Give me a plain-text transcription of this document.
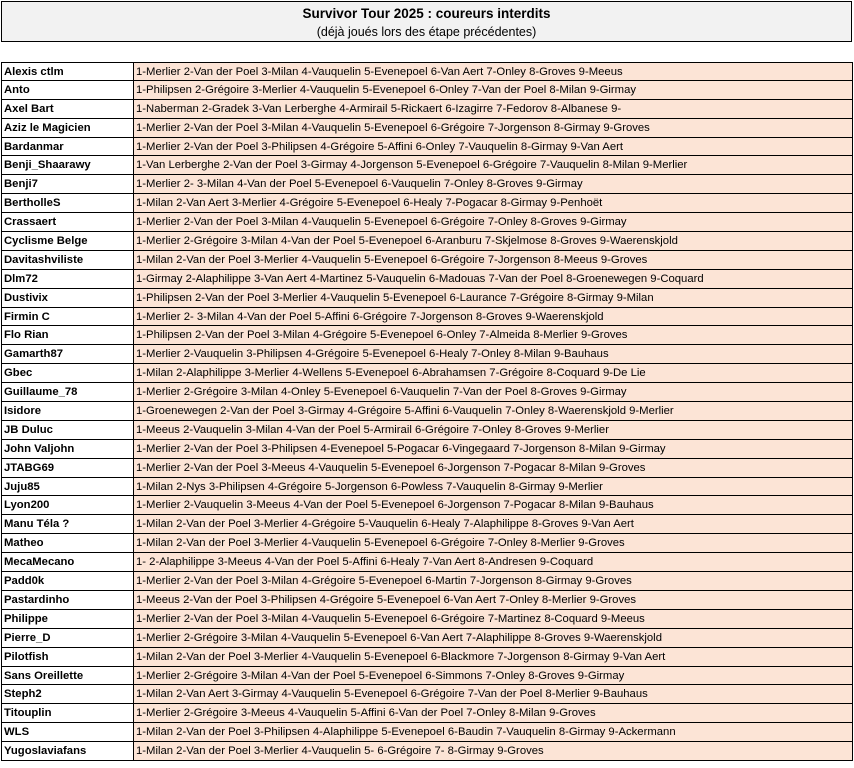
Survivor Tour 2025 : coureurs interdits
(déjà joués lors des étape précédentes)
Alexis ctlm	1-Merlier 2-Van der Poel 3-Milan 4-Vauquelin 5-Evenepoel 6-Van Aert 7-Onley 8-Groves 9-Meeus
Anto	1-Philipsen 2-Grégoire 3-Merlier 4-Vauquelin 5-Evenepoel 6-Onley 7-Van der Poel 8-Milan 9-Girmay
Axel Bart	1-Naberman 2-Gradek 3-Van Lerberghe 4-Armirail 5-Rickaert 6-Izagirre 7-Fedorov 8-Albanese 9-
Aziz le Magicien	1-Merlier 2-Van der Poel 3-Milan 4-Vauquelin 5-Evenepoel 6-Grégoire 7-Jorgenson 8-Girmay 9-Groves
Bardanmar	1-Merlier 2-Van der Poel 3-Philipsen 4-Grégoire 5-Affini 6-Onley 7-Vauquelin 8-Girmay 9-Van Aert
Benji_Shaarawy	1-Van Lerberghe 2-Van der Poel 3-Girmay 4-Jorgenson 5-Evenepoel 6-Grégoire 7-Vauquelin 8-Milan 9-Merlier
Benji7	1-Merlier 2- 3-Milan 4-Van der Poel 5-Evenepoel 6-Vauquelin 7-Onley 8-Groves 9-Girmay
BertholleS	1-Milan 2-Van Aert 3-Merlier 4-Grégoire 5-Evenepoel 6-Healy 7-Pogacar 8-Girmay 9-Penhoët
Crassaert	1-Merlier 2-Van der Poel 3-Milan 4-Vauquelin 5-Evenepoel 6-Grégoire 7-Onley 8-Groves 9-Girmay
Cyclisme Belge	1-Merlier 2-Grégoire 3-Milan 4-Van der Poel 5-Evenepoel 6-Aranburu 7-Skjelmose 8-Groves 9-Waerenskjold
Davitashviliste	1-Milan 2-Van der Poel 3-Merlier 4-Vauquelin 5-Evenepoel 6-Grégoire 7-Jorgenson 8-Meeus 9-Groves
Dlm72	1-Girmay 2-Alaphilippe 3-Van Aert 4-Martinez 5-Vauquelin 6-Madouas 7-Van der Poel 8-Groenewegen 9-Coquard
Dustivix	1-Philipsen 2-Van der Poel 3-Merlier 4-Vauquelin 5-Evenepoel 6-Laurance 7-Grégoire 8-Girmay 9-Milan
Firmin C	1-Merlier 2- 3-Milan 4-Van der Poel 5-Affini 6-Grégoire 7-Jorgenson 8-Groves 9-Waerenskjold
Flo Rian	1-Philipsen 2-Van der Poel 3-Milan 4-Grégoire 5-Evenepoel 6-Onley 7-Almeida 8-Merlier 9-Groves
Gamarth87	1-Merlier 2-Vauquelin 3-Philipsen 4-Grégoire 5-Evenepoel 6-Healy 7-Onley 8-Milan 9-Bauhaus
Gbec	1-Milan 2-Alaphilippe 3-Merlier 4-Wellens 5-Evenepoel 6-Abrahamsen 7-Grégoire 8-Coquard 9-De Lie
Guillaume_78	1-Merlier 2-Grégoire 3-Milan 4-Onley 5-Evenepoel 6-Vauquelin 7-Van der Poel 8-Groves 9-Girmay
Isidore	1-Groenewegen 2-Van der Poel 3-Girmay 4-Grégoire 5-Affini 6-Vauquelin 7-Onley 8-Waerenskjold 9-Merlier
JB Duluc	1-Meeus 2-Vauquelin 3-Milan 4-Van der Poel 5-Armirail 6-Grégoire 7-Onley 8-Groves 9-Merlier
John Valjohn	1-Merlier 2-Van der Poel 3-Philipsen 4-Evenepoel 5-Pogacar 6-Vingegaard 7-Jorgenson 8-Milan 9-Girmay
JTABG69	1-Merlier 2-Van der Poel 3-Meeus 4-Vauquelin 5-Evenepoel 6-Jorgenson 7-Pogacar 8-Milan 9-Groves
Juju85	1-Milan 2-Nys 3-Philipsen 4-Grégoire 5-Jorgenson 6-Powless 7-Vauquelin 8-Girmay 9-Merlier
Lyon200	1-Merlier 2-Vauquelin 3-Meeus 4-Van der Poel 5-Evenepoel 6-Jorgenson 7-Pogacar 8-Milan 9-Bauhaus
Manu Téla ?	1-Milan 2-Van der Poel 3-Merlier 4-Grégoire 5-Vauquelin 6-Healy 7-Alaphilippe 8-Groves 9-Van Aert
Matheo	1-Milan 2-Van der Poel 3-Merlier 4-Vauquelin 5-Evenepoel 6-Grégoire 7-Onley 8-Merlier 9-Groves
MecaMecano	1- 2-Alaphilippe 3-Meeus 4-Van der Poel 5-Affini 6-Healy 7-Van Aert 8-Andresen 9-Coquard
Padd0k	1-Merlier 2-Van der Poel 3-Milan 4-Grégoire 5-Evenepoel 6-Martin 7-Jorgenson 8-Girmay 9-Groves
Pastardinho	1-Meeus 2-Van der Poel 3-Philipsen 4-Grégoire 5-Evenepoel 6-Van Aert 7-Onley 8-Merlier 9-Groves
Philippe	1-Merlier 2-Van der Poel 3-Milan 4-Vauquelin 5-Evenepoel 6-Grégoire 7-Martinez 8-Coquard 9-Meeus
Pierre_D	1-Merlier 2-Grégoire 3-Milan 4-Vauquelin 5-Evenepoel 6-Van Aert 7-Alaphilippe 8-Groves 9-Waerenskjold
Pilotfish	1-Milan 2-Van der Poel 3-Merlier 4-Vauquelin 5-Evenepoel 6-Blackmore 7-Jorgenson 8-Girmay 9-Van Aert
Sans Oreillette	1-Merlier 2-Grégoire 3-Milan 4-Van der Poel 5-Evenepoel 6-Simmons 7-Onley 8-Groves 9-Girmay
Steph2	1-Milan 2-Van Aert 3-Girmay 4-Vauquelin 5-Evenepoel 6-Grégoire 7-Van der Poel 8-Merlier 9-Bauhaus
Titouplin	1-Merlier 2-Grégoire 3-Meeus 4-Vauquelin 5-Affini 6-Van der Poel 7-Onley 8-Milan 9-Groves
WLS	1-Milan 2-Van der Poel 3-Philipsen 4-Alaphilippe 5-Evenepoel 6-Baudin 7-Vauquelin 8-Girmay 9-Ackermann
Yugoslaviafans	1-Milan 2-Van der Poel 3-Merlier 4-Vauquelin 5- 6-Grégoire 7- 8-Girmay 9-Groves
